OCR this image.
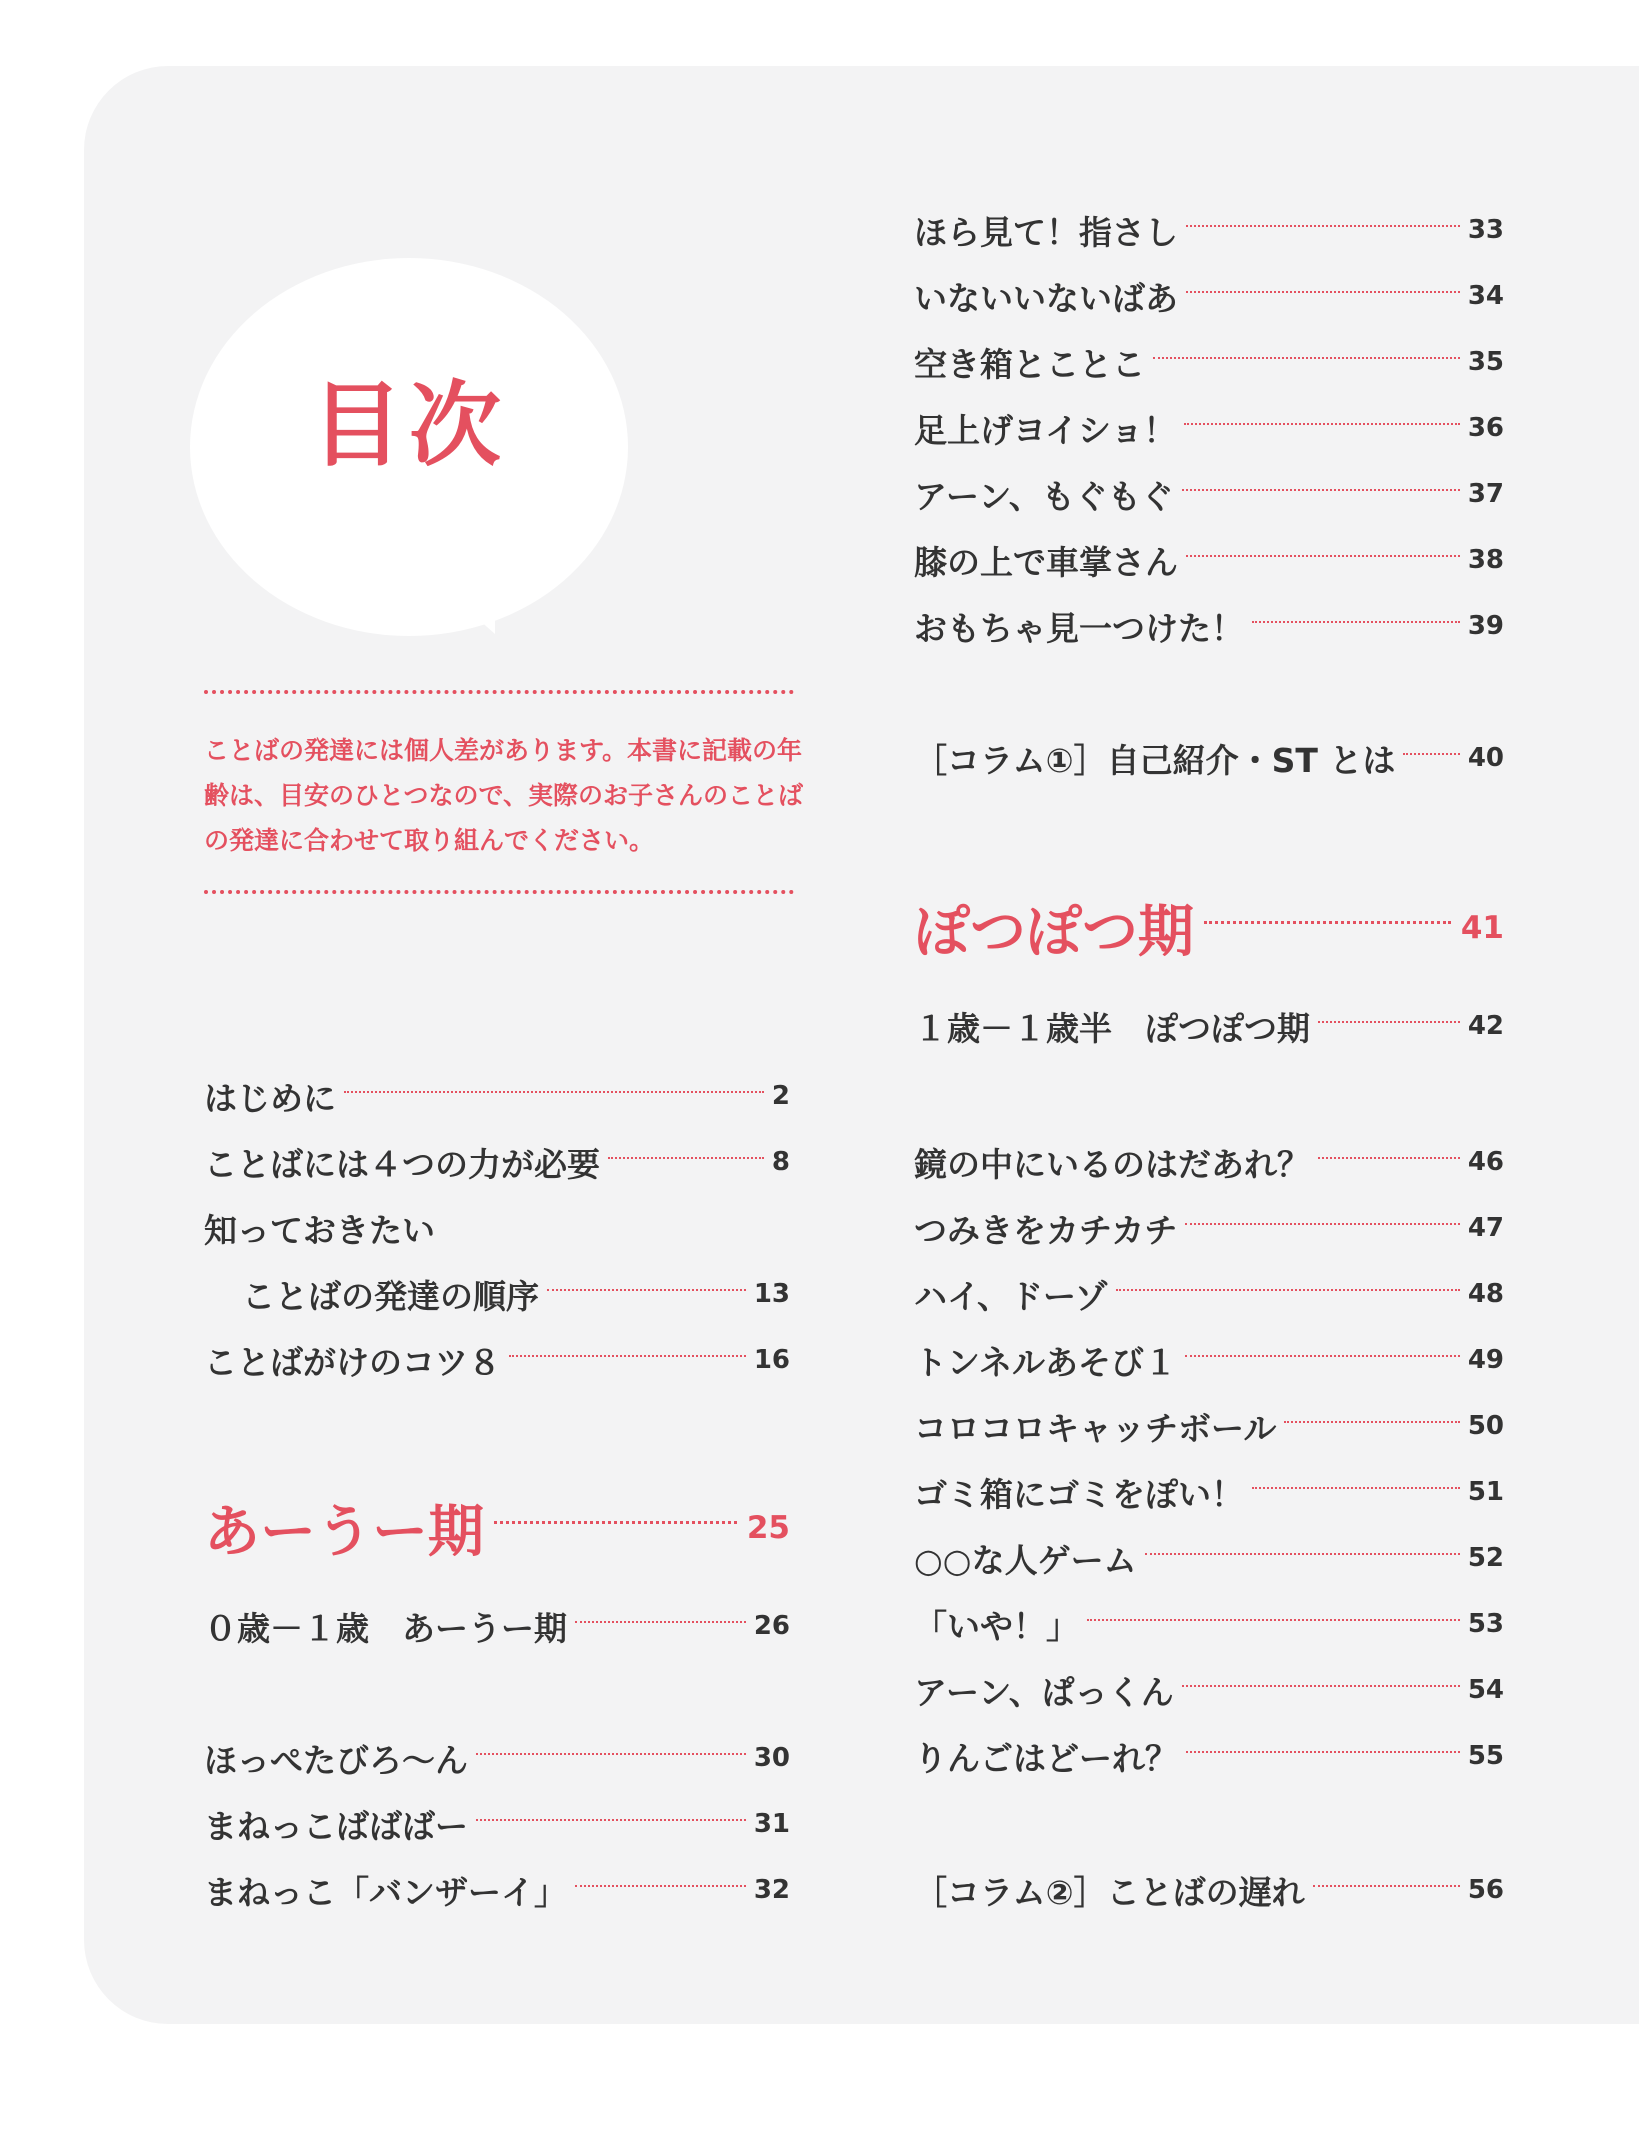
目次
ことばの発達には個人差があります。本書に記載の年齢は、目安のひとつなので、実際のお子さんのことばの発達に合わせて取り組んでください。
はじめに	2
ことばには４つの力が必要	8
知っておきたい
ことばの発達の順序	13
ことばがけのコツ８	16
あーうー期	25
０歳－１歳　あーうー期	26
ほっぺたびろ～ん	30
まねっこばばばー	31
まねっこ「バンザーイ」	32
ほら見て！指さし	33
いないいないばあ	34
空き箱とことこ	35
足上げヨイショ！	36
アーン、もぐもぐ	37
膝の上で車掌さん	38
おもちゃ見一つけた！	39
［コラム①］自己紹介・ST とは	40
ぽつぽつ期	41
１歳－１歳半　ぽつぽつ期	42
鏡の中にいるのはだあれ？	46
つみきをカチカチ	47
ハイ、ドーゾ	48
トンネルあそび１	49
コロコロキャッチボール	50
ゴミ箱にゴミをぽい！	51
○○な人ゲーム	52
「いや！」	53
アーン、ぱっくん	54
りんごはどーれ？	55
［コラム②］ことばの遅れ	56
